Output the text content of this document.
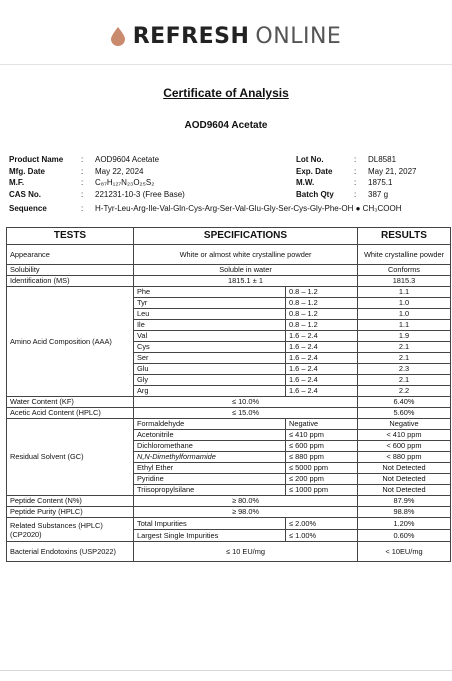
REFRESH ONLINE
Certificate of Analysis
AOD9604 Acetate
Product Name : AOD9604 Acetate
Mfg. Date	: May 22, 2024
M.F.	: C₈₇H₁₂₇N₂₃O₂₅S₂
CAS No.	: 221231-10-3 (Free Base)
Lot No.	: DL8581
Exp. Date	: May 21, 2027
M.W.	: 1875.1
Batch Qty	: 387 g
Sequence	: H-Tyr-Leu-Arg-Ile-Val-Gln-Cys-Arg-Ser-Val-Glu-Gly-Ser-Cys-Gly-Phe-OH ● CH₃COOH
TESTS	SPECIFICATIONS		RESULTS
Appearance	White or almost white crystalline powder		White crystalline powder
Solubility	Soluble in water		Conforms
Identification (MS)	1815.1 ± 1		1815.3
Amino Acid Composition (AAA)	Phe	0.8 – 1.2	1.1
	Tyr	0.8 – 1.2	1.0
	Leu	0.8 – 1.2	1.0
	Ile	0.8 – 1.2	1.1
	Val	1.6 – 2.4	1.9
	Cys	1.6 – 2.4	2.1
	Ser	1.6 – 2.4	2.1
	Glu	1.6 – 2.4	2.3
	Gly	1.6 – 2.4	2.1
	Arg	1.6 – 2.4	2.2
Water Content (KF)	≤ 10.0%		6.40%
Acetic Acid Content (HPLC)	≤ 15.0%		5.60%
Residual Solvent (GC)	Formaldehyde	Negative	Negative
	Acetonitrile	≤ 410 ppm	< 410 ppm
	Dichloromethane	≤ 600 ppm	< 600 ppm
	N,N-Dimethylformamide	≤ 880 ppm	< 880 ppm
	Ethyl Ether	≤ 5000 ppm	Not Detected
	Pyridine	≤ 200 ppm	Not Detected
	Triisopropylsilane	≤ 1000 ppm	Not Detected
Peptide Content (N%)	≥ 80.0%		87.9%
Peptide Purity (HPLC)	≥ 98.0%		98.8%
Related Substances (HPLC) (CP2020)	Total Impurities	≤ 2.00%	1.20%
	Largest Single Impurities	≤ 1.00%	0.60%
Bacterial Endotoxins (USP2022)	≤ 10 EU/mg		< 10EU/mg
